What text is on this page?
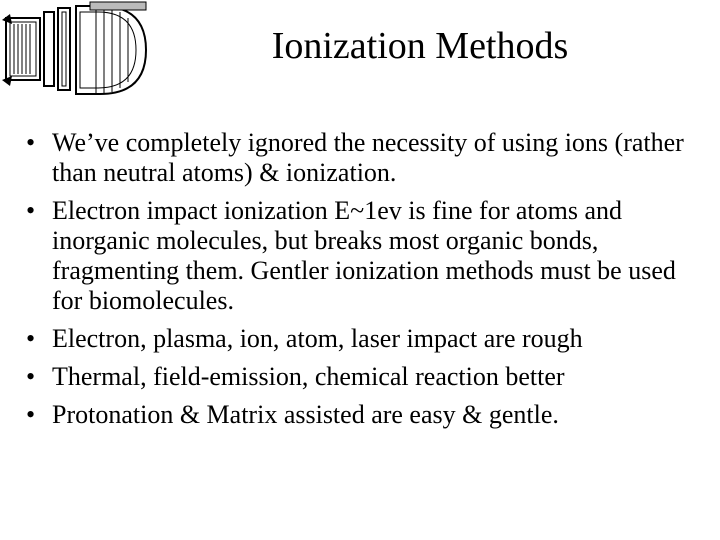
Ionization Methods
• We’ve completely ignored the necessity of using ions (rather than neutral atoms) & ionization.
• Electron impact ionization E~1ev is fine for atoms and inorganic molecules, but breaks most organic bonds, fragmenting them. Gentler ionization methods must be used for biomolecules.
• Electron, plasma, ion, atom, laser impact are rough
• Thermal, field-emission, chemical reaction better
• Protonation & Matrix assisted are easy & gentle.
